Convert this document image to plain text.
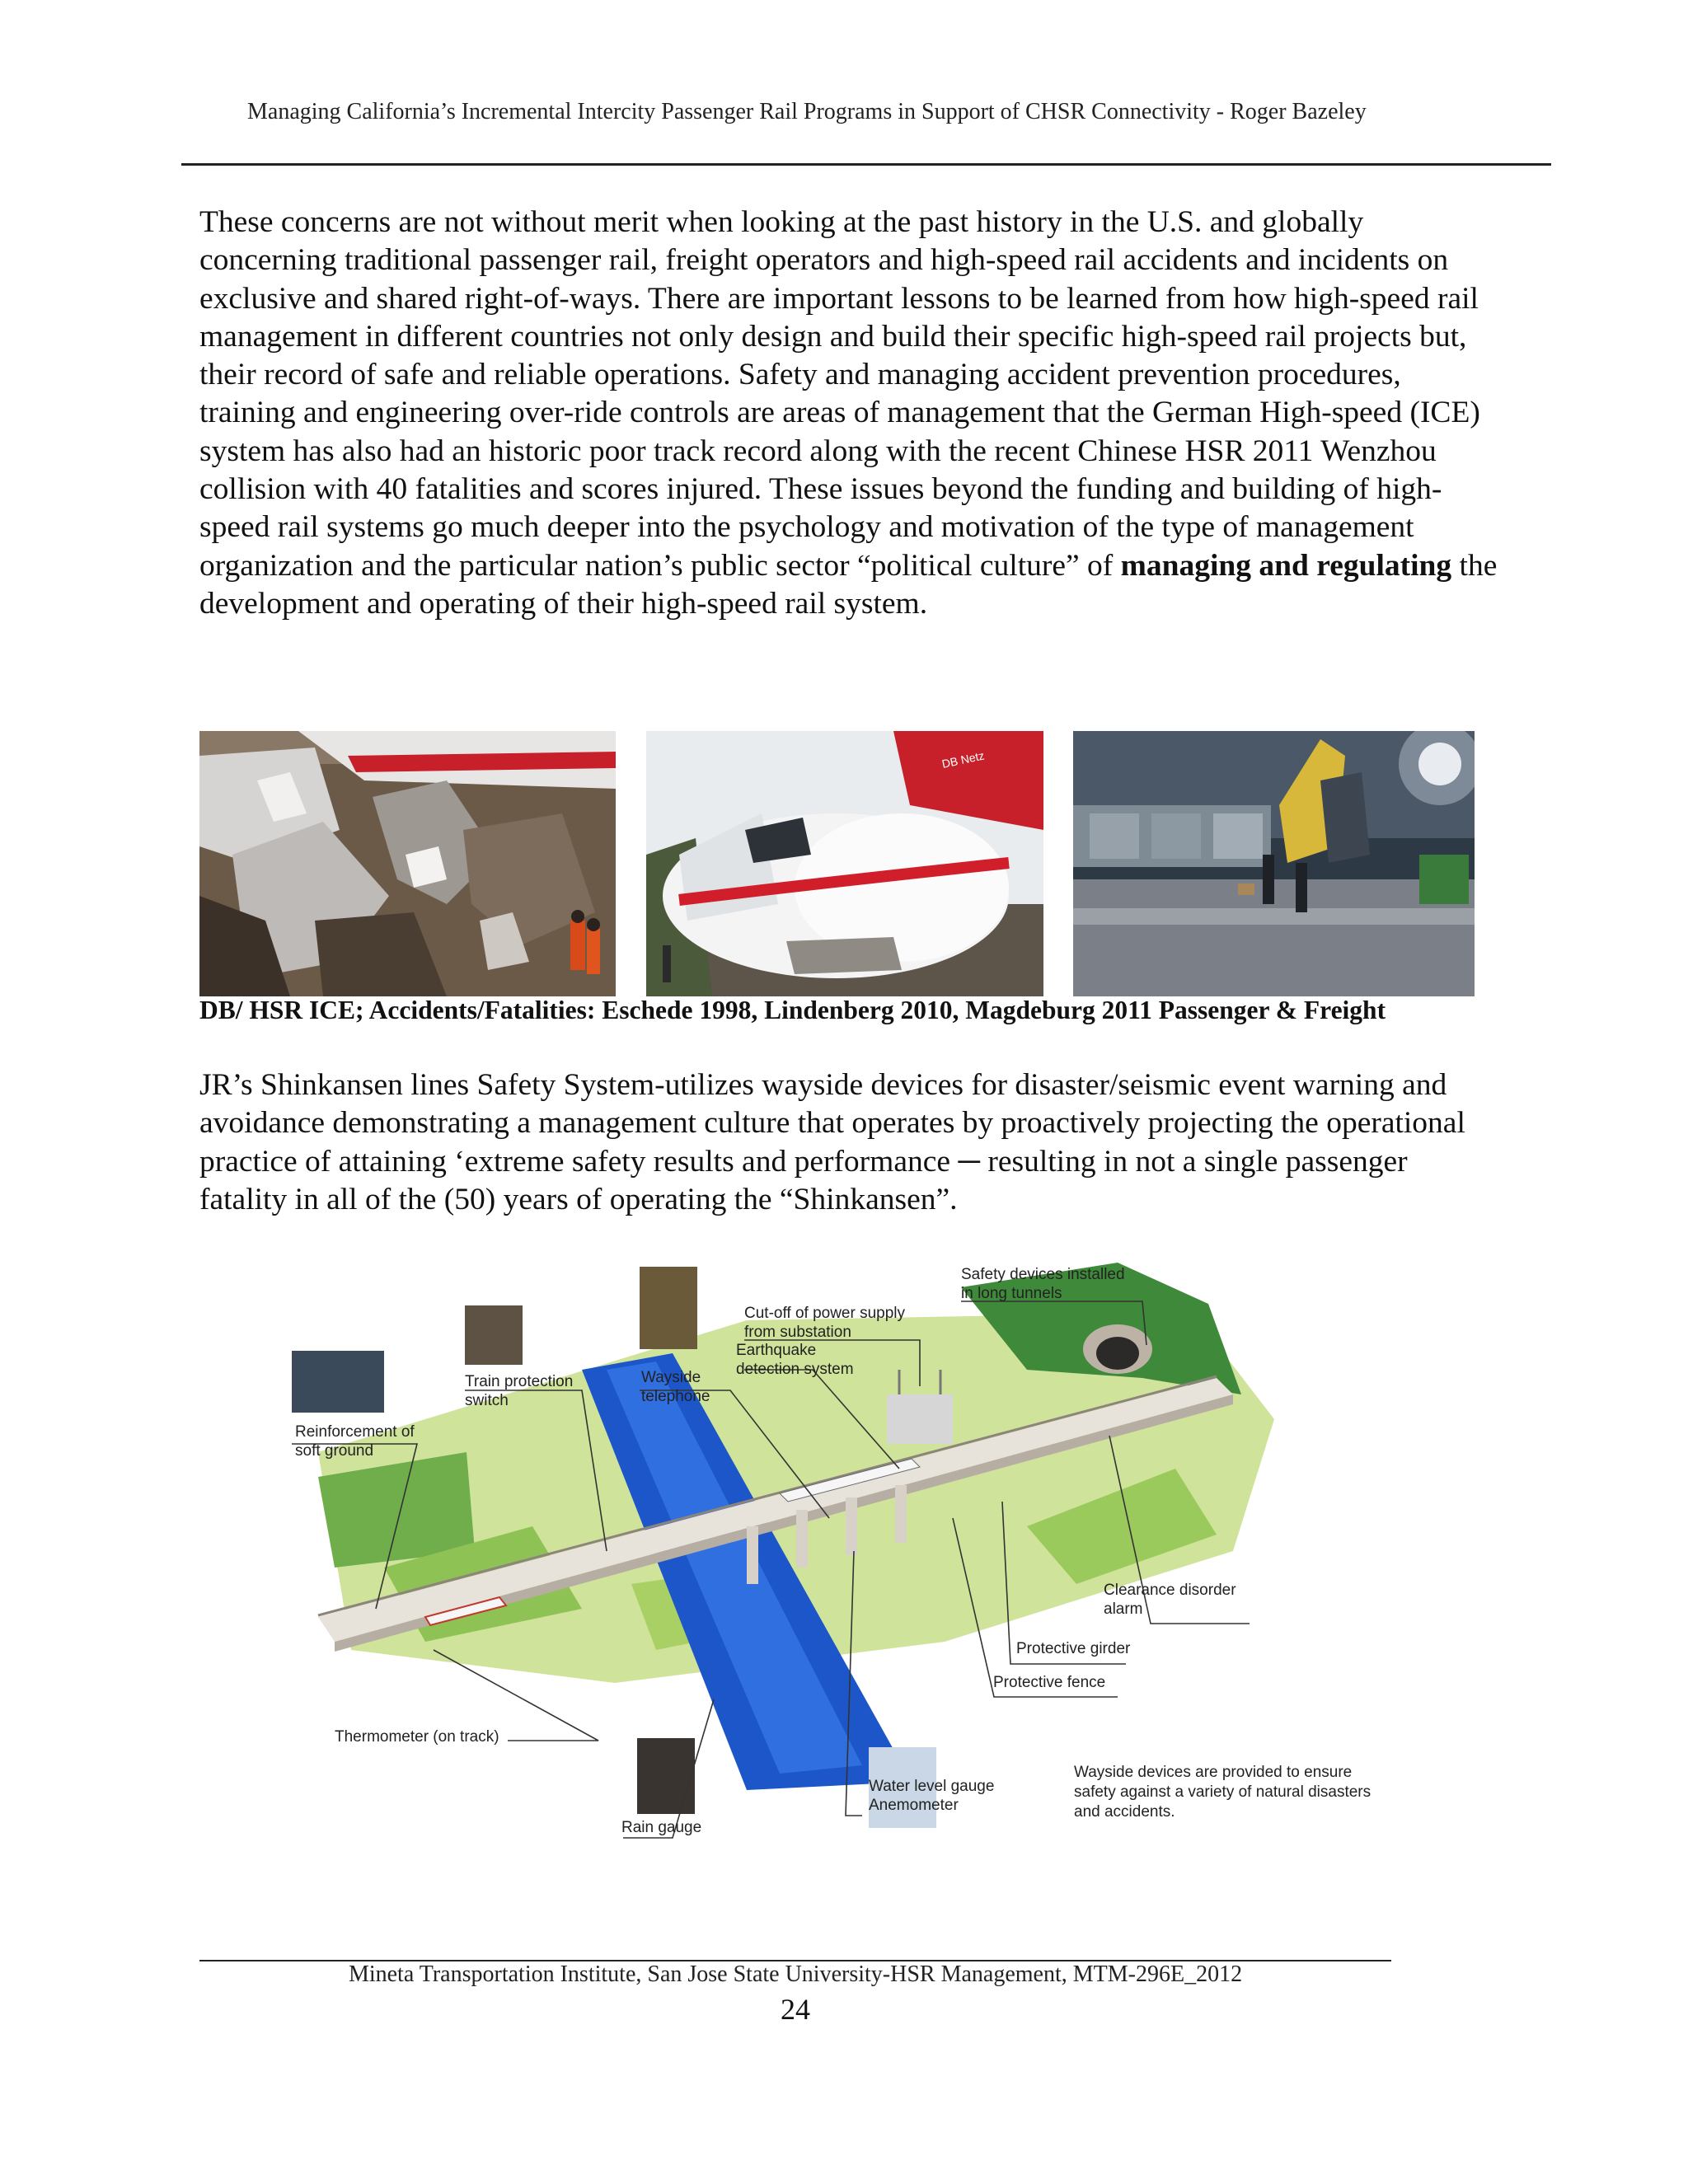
Managing California’s Incremental Intercity Passenger Rail Programs in Support of CHSR Connectivity - Roger Bazeley

These concerns are not without merit when looking at the past history in the U.S. and globally concerning traditional passenger rail, freight operators and high-speed rail accidents and incidents on exclusive and shared right-of-ways. There are important lessons to be learned from how high-speed rail management in different countries not only design and build their specific high-speed rail projects but, their record of safe and reliable operations. Safety and managing accident prevention procedures, training and engineering over-ride controls are areas of management that the German High-speed (ICE) system has also had an historic poor track record along with the recent Chinese HSR 2011 Wenzhou collision with 40 fatalities and scores injured. These issues beyond the funding and building of high-speed rail systems go much deeper into the psychology and motivation of the type of management organization and the particular nation’s public sector “political culture” of managing and regulating the development and operating of their high-speed rail system.

DB Netz
DB/ HSR ICE; Accidents/Fatalities: Eschede 1998, Lindenberg 2010, Magdeburg 2011 Passenger & Freight

JR’s Shinkansen lines Safety System-utilizes wayside devices for disaster/seismic event warning and avoidance demonstrating a management culture that operates by proactively projecting the operational practice of attaining ‘extreme safety results and performance ─ resulting in not a single passenger fatality in all of the (50) years of operating the “Shinkansen”.

Safety devices installed
in long tunnels
Cut-off of power supply
from substation
Earthquake
detection system
Wayside
telephone
Train protection
switch
Reinforcement of
soft ground
Clearance disorder
alarm
Protective girder
Protective fence
Thermometer (on track)
Water level gauge
Anemometer
Rain gauge
Wayside devices are provided to ensure
safety against a variety of natural disasters
and accidents.
Mineta Transportation Institute, San Jose State University-HSR Management, MTM-296E_2012
24
